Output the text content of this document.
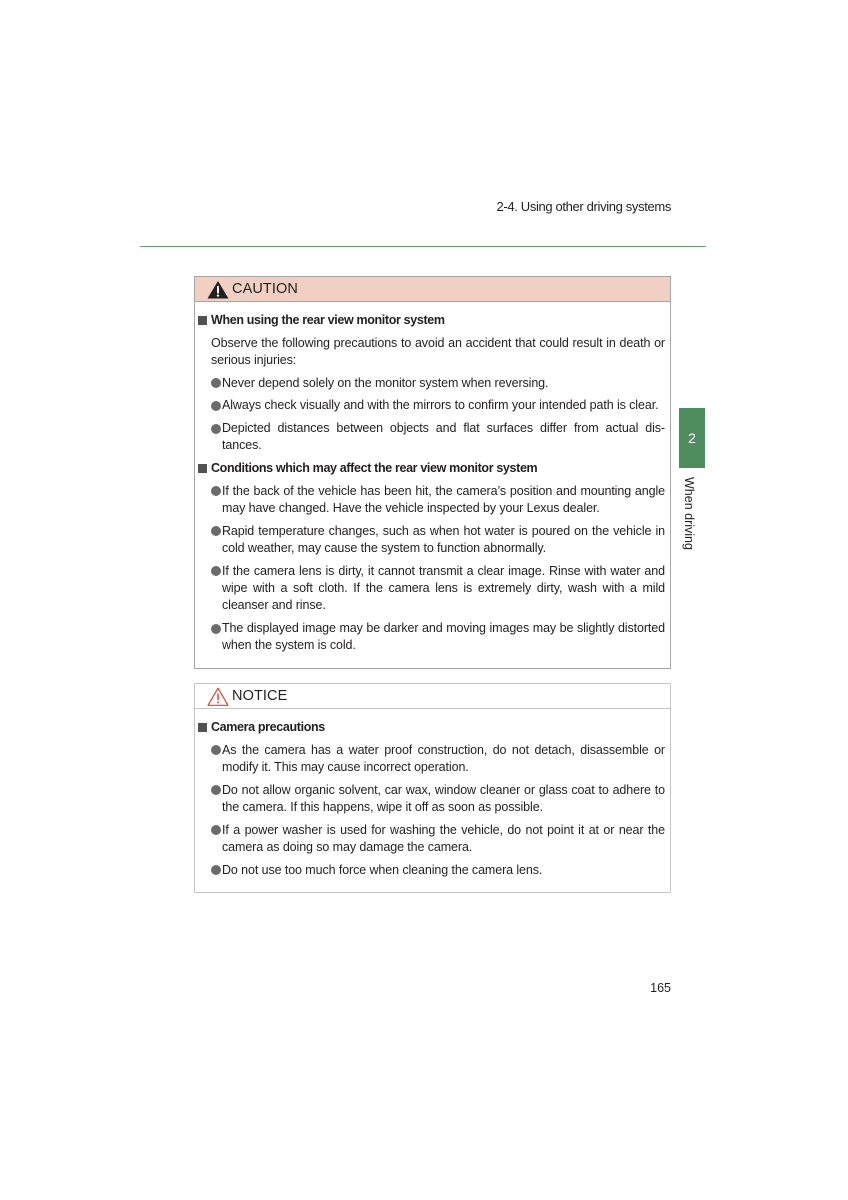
2-4. Using other driving systems
CAUTION
When using the rear view monitor system
Observe the following precautions to avoid an accident that could result in death or
serious injuries:
Never depend solely on the monitor system when reversing.
Always check visually and with the mirrors to confirm your intended path is clear.
Depicted distances between objects and flat surfaces differ from actual dis-
tances.
Conditions which may affect the rear view monitor system
If the back of the vehicle has been hit, the camera’s position and mounting angle
may have changed. Have the vehicle inspected by your Lexus dealer.
Rapid temperature changes, such as when hot water is poured on the vehicle in
cold weather, may cause the system to function abnormally.
If the camera lens is dirty, it cannot transmit a clear image. Rinse with water and
wipe with a soft cloth. If the camera lens is extremely dirty, wash with a mild
cleanser and rinse.
The displayed image may be darker and moving images may be slightly distorted
when the system is cold.
NOTICE
Camera precautions
As the camera has a water proof construction, do not detach, disassemble or
modify it. This may cause incorrect operation.
Do not allow organic solvent, car wax, window cleaner or glass coat to adhere to
the camera. If this happens, wipe it off as soon as possible.
If a power washer is used for washing the vehicle, do not point it at or near the
camera as doing so may damage the camera.
Do not use too much force when cleaning the camera lens.
2
When driving
165
